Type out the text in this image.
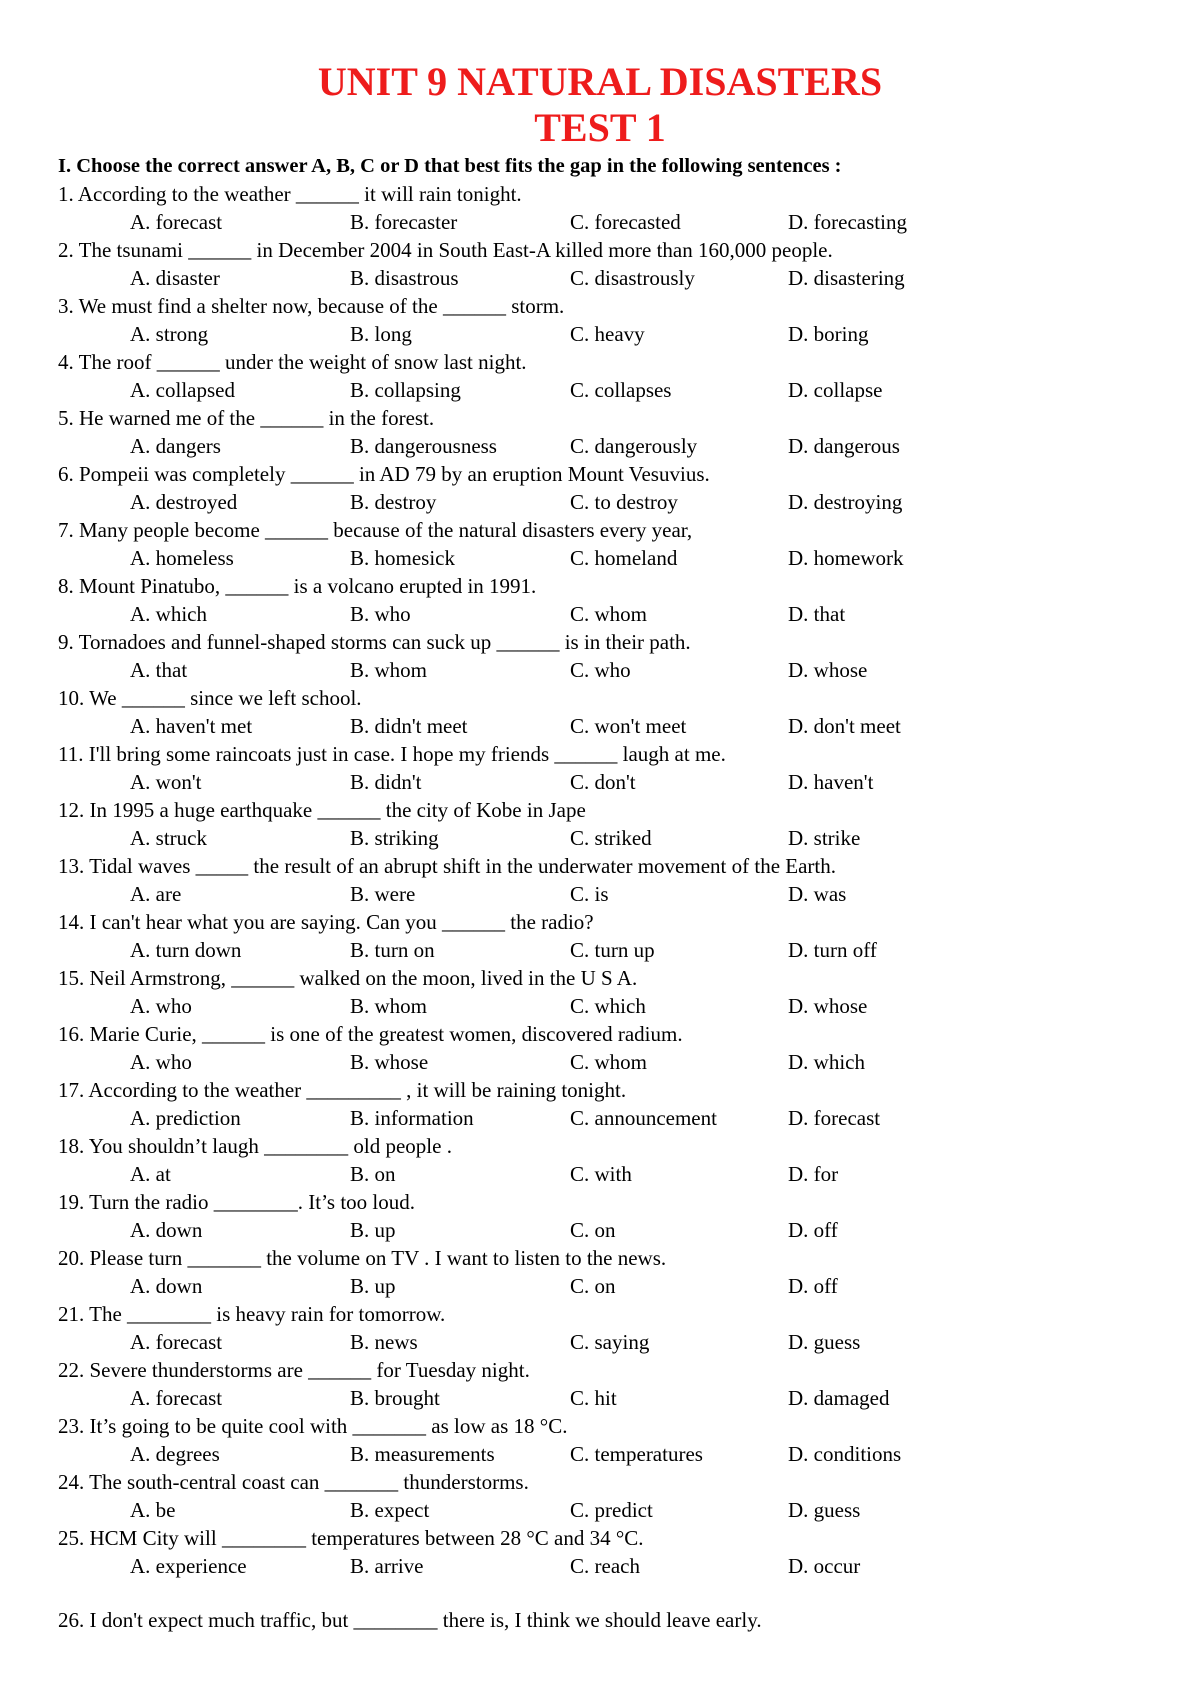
UNIT 9 NATURAL DISASTERS
TEST 1
I. Choose the correct answer A, B, C or D that best fits the gap in the following sentences :
1. According to the weather ______ it will rain tonight.
A. forecast	B. forecaster	C. forecasted	D. forecasting
2. The tsunami ______ in December 2004 in South East-A killed more than 160,000 people.
A. disaster	B. disastrous	C. disastrously	D. disastering
3. We must find a shelter now, because of the ______ storm.
A. strong	B. long	C. heavy	D. boring
4. The roof ______ under the weight of snow last night.
A. collapsed	B. collapsing	C. collapses	D. collapse
5. He warned me of the ______ in the forest.
A. dangers	B. dangerousness	C. dangerously	D. dangerous
6. Pompeii was completely ______ in AD 79 by an eruption Mount Vesuvius.
A. destroyed	B. destroy	C. to destroy	D. destroying
7. Many people become ______ because of the natural disasters every year,
A. homeless	B. homesick	C. homeland	D. homework
8. Mount Pinatubo, ______ is a volcano erupted in 1991.
A. which	B. who	C. whom	D. that
9. Tornadoes and funnel-shaped storms can suck up ______ is in their path.
A. that	B. whom	C. who	D. whose
10. We ______ since we left school.
A. haven't met	B. didn't meet	C. won't meet	D. don't meet
11. I'll bring some raincoats just in case. I hope my friends ______ laugh at me.
A. won't	B. didn't	C. don't	D. haven't
12. In 1995 a huge earthquake ______ the city of Kobe in Jape
A. struck	B. striking	C. striked	D. strike
13. Tidal waves _____ the result of an abrupt shift in the underwater movement of the Earth.
A. are	B. were	C. is	D. was
14. I can't hear what you are saying. Can you ______ the radio?
A. turn down	B. turn on	C. turn up	D. turn off
15. Neil Armstrong, ______ walked on the moon, lived in the U S A.
A. who	B. whom	C. which	D. whose
16. Marie Curie, ______ is one of the greatest women, discovered radium.
A. who	B. whose	C. whom	D. which
17. According to the weather _________ , it will be raining tonight.
A. prediction	B. information	C. announcement	D. forecast
18. You shouldn’t laugh ________ old people .
A. at	B. on	C. with	D. for
19. Turn the radio ________. It’s too loud.
A. down	B. up	C. on	D. off
20. Please turn _______ the volume on TV . I want to listen to the news.
A. down	B. up	C. on	D. off
21. The ________ is heavy rain for tomorrow.
A. forecast	B. news	C. saying	D. guess
22. Severe thunderstorms are ______ for Tuesday night.
A. forecast	B. brought	C. hit	D. damaged
23. It’s going to be quite cool with _______ as low as 18 °C.
A. degrees	B. measurements	C. temperatures	D. conditions
24. The south-central coast can _______ thunderstorms.
A. be	B. expect	C. predict	D. guess
25. HCM City will ________ temperatures between 28 °C and 34 °C.
A. experience	B. arrive	C. reach	D. occur
26. I don't expect much traffic, but ________ there is, I think we should leave early.
